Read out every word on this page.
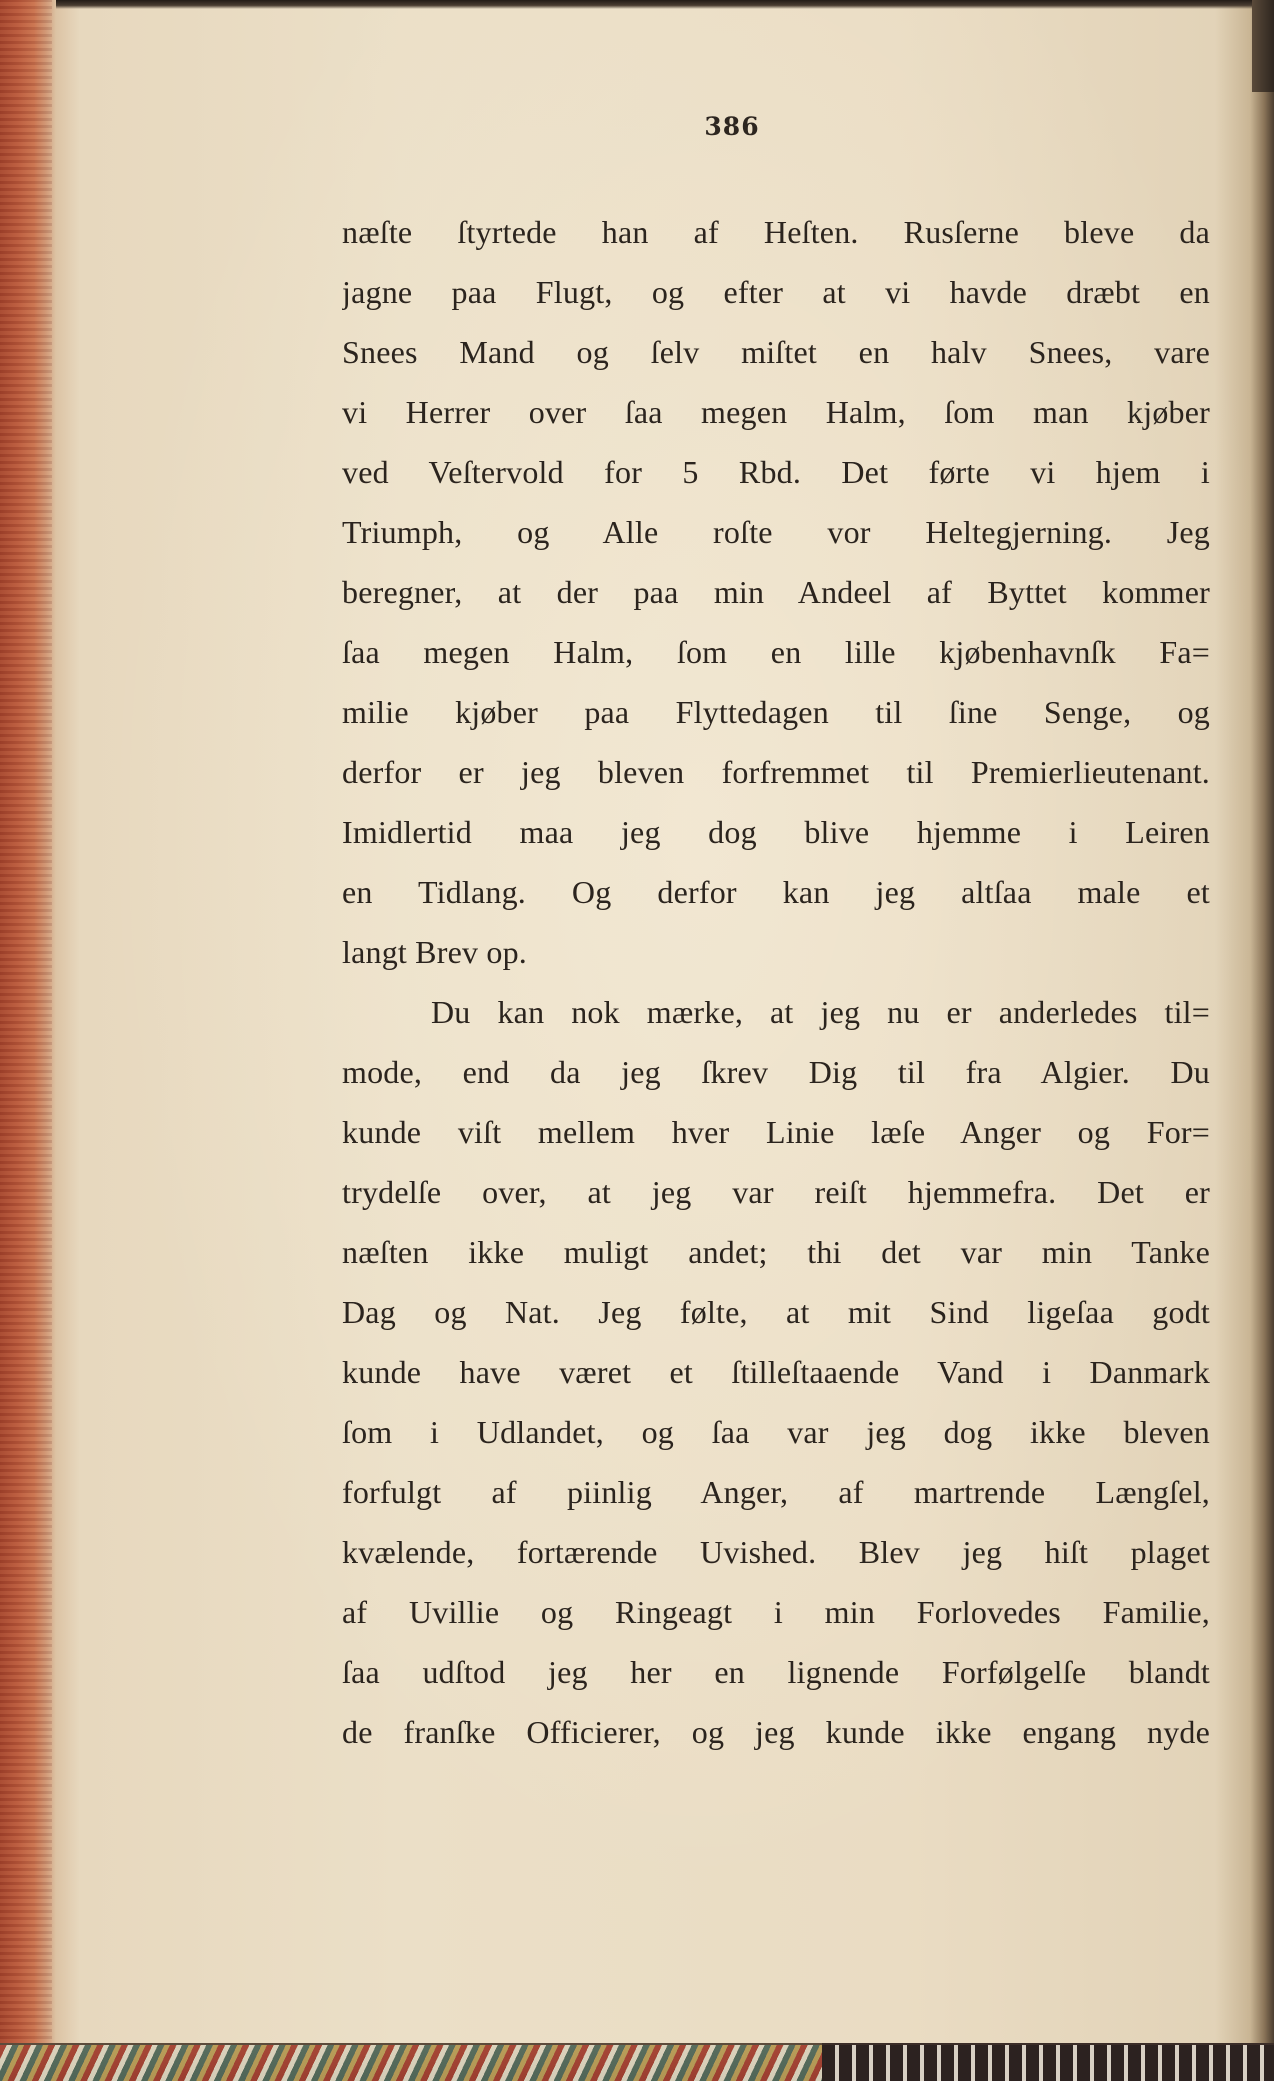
386
næſte ſtyrtede han af Heſten. Rusſerne bleve da
jagne paa Flugt, og efter at vi havde dræbt en
Snees Mand og ſelv miſtet en halv Snees, vare
vi Herrer over ſaa megen Halm, ſom man kjøber
ved Veſtervold for 5 Rbd. Det førte vi hjem i
Triumph, og Alle roſte vor Heltegjerning. Jeg
beregner, at der paa min Andeel af Byttet kommer
ſaa megen Halm, ſom en lille kjøbenhavnſk Fa=
milie kjøber paa Flyttedagen til ſine Senge, og
derfor er jeg bleven forfremmet til Premierlieutenant.
Imidlertid maa jeg dog blive hjemme i Leiren
en Tidlang. Og derfor kan jeg altſaa male et
langt Brev op.
Du kan nok mærke, at jeg nu er anderledes til=
mode, end da jeg ſkrev Dig til fra Algier. Du
kunde viſt mellem hver Linie læſe Anger og For=
trydelſe over, at jeg var reiſt hjemmefra. Det er
næſten ikke muligt andet; thi det var min Tanke
Dag og Nat. Jeg følte, at mit Sind ligeſaa godt
kunde have været et ſtilleſtaaende Vand i Danmark
ſom i Udlandet, og ſaa var jeg dog ikke bleven
forfulgt af piinlig Anger, af martrende Længſel,
kvælende, fortærende Uvished. Blev jeg hiſt plaget
af Uvillie og Ringeagt i min Forlovedes Familie,
ſaa udſtod jeg her en lignende Forfølgelſe blandt
de franſke Officierer, og jeg kunde ikke engang nyde
